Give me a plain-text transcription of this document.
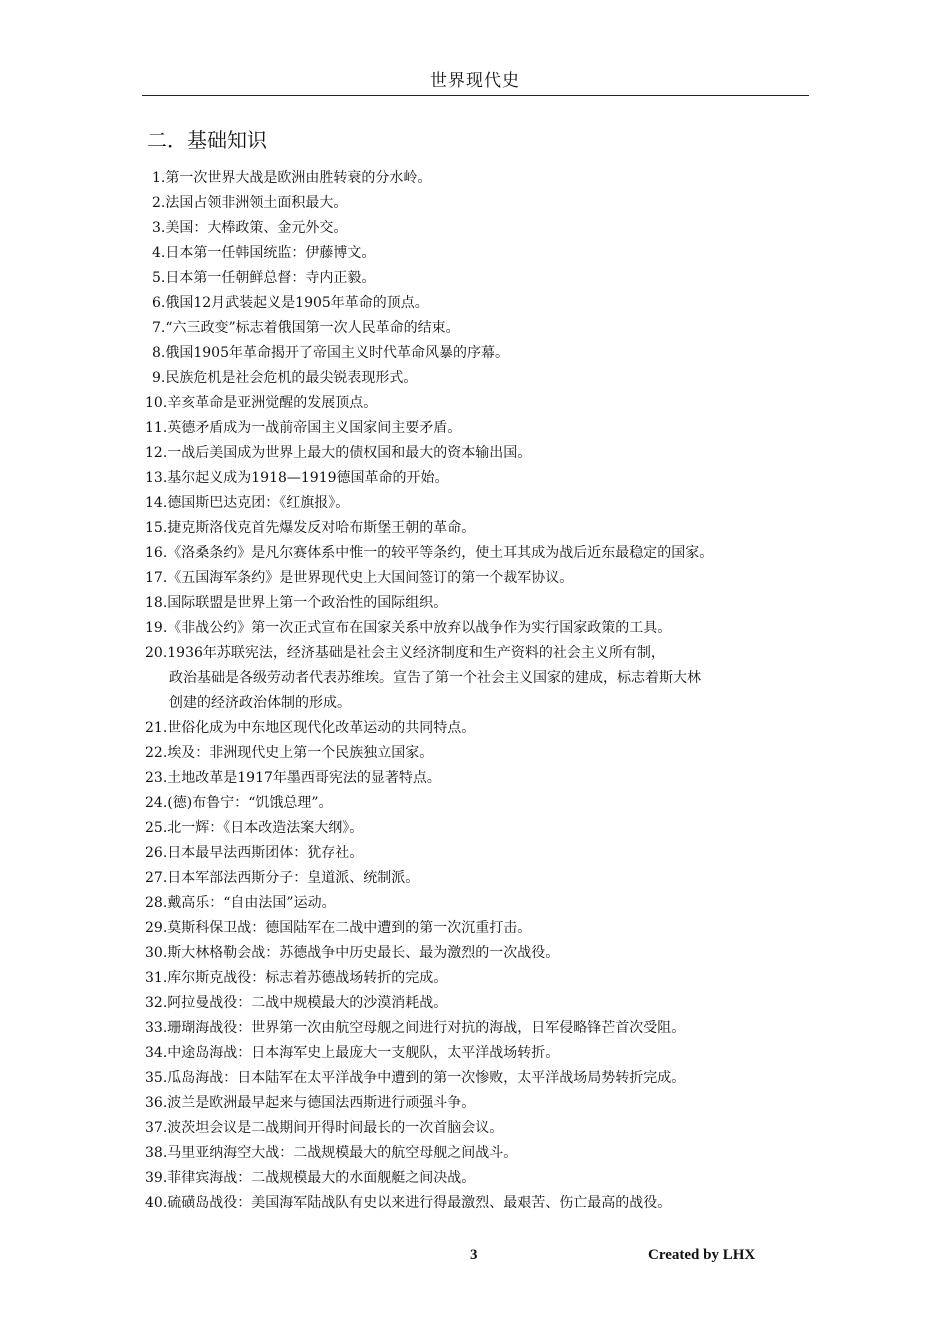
世界现代史
二．基础知识
1.第一次世界大战是欧洲由胜转衰的分水岭。
2.法国占领非洲领土面积最大。
3.美国：大棒政策、金元外交。
4.日本第一任韩国统监：伊藤博文。
5.日本第一任朝鲜总督：寺内正毅。
6.俄国12月武装起义是1905年革命的顶点。
7.“六三政变”标志着俄国第一次人民革命的结束。
8.俄国1905年革命揭开了帝国主义时代革命风暴的序幕。
9.民族危机是社会危机的最尖锐表现形式。
10.辛亥革命是亚洲觉醒的发展顶点。
11.英德矛盾成为一战前帝国主义国家间主要矛盾。
12.一战后美国成为世界上最大的债权国和最大的资本输出国。
13.基尔起义成为1918—1919德国革命的开始。
14.德国斯巴达克团：《红旗报》。
15.捷克斯洛伐克首先爆发反对哈布斯堡王朝的革命。
16.《洛桑条约》是凡尔赛体系中惟一的较平等条约，使土耳其成为战后近东最稳定的国家。
17.《五国海军条约》是世界现代史上大国间签订的第一个裁军协议。
18.国际联盟是世界上第一个政治性的国际组织。
19.《非战公约》第一次正式宣布在国家关系中放弃以战争作为实行国家政策的工具。
20.1936年苏联宪法，经济基础是社会主义经济制度和生产资料的社会主义所有制，
政治基础是各级劳动者代表苏维埃。宣告了第一个社会主义国家的建成，标志着斯大林
创建的经济政治体制的形成。
21.世俗化成为中东地区现代化改革运动的共同特点。
22.埃及：非洲现代史上第一个民族独立国家。
23.土地改革是1917年墨西哥宪法的显著特点。
24.(德)布鲁宁：“饥饿总理”。
25.北一辉：《日本改造法案大纲》。
26.日本最早法西斯团体：犹存社。
27.日本军部法西斯分子：皇道派、统制派。
28.戴高乐：“自由法国”运动。
29.莫斯科保卫战：德国陆军在二战中遭到的第一次沉重打击。
30.斯大林格勒会战：苏德战争中历史最长、最为激烈的一次战役。
31.库尔斯克战役：标志着苏德战场转折的完成。
32.阿拉曼战役：二战中规模最大的沙漠消耗战。
33.珊瑚海战役：世界第一次由航空母舰之间进行对抗的海战，日军侵略锋芒首次受阻。
34.中途岛海战：日本海军史上最庞大一支舰队，太平洋战场转折。
35.瓜岛海战：日本陆军在太平洋战争中遭到的第一次惨败，太平洋战场局势转折完成。
36.波兰是欧洲最早起来与德国法西斯进行顽强斗争。
37.波茨坦会议是二战期间开得时间最长的一次首脑会议。
38.马里亚纳海空大战：二战规模最大的航空母舰之间战斗。
39.菲律宾海战：二战规模最大的水面舰艇之间决战。
40.硫磺岛战役：美国海军陆战队有史以来进行得最激烈、最艰苦、伤亡最高的战役。
3	Created by LHX
